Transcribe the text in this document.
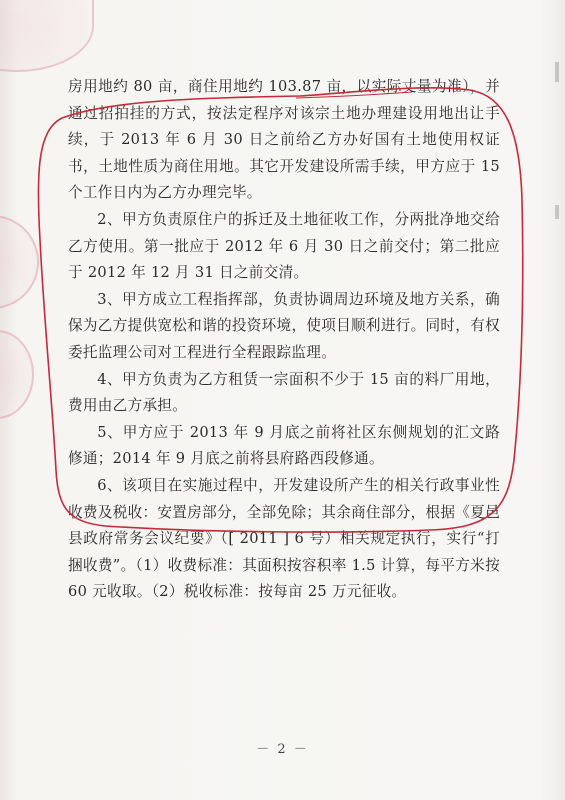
房用地约 80 亩，商住用地约 103.87 亩，以实际丈量为准），并通过招拍挂的方式，按法定程序对该宗土地办理建设用地出让手续，于 2013 年 6 月 30 日之前给乙方办好国有土地使用权证书，土地性质为商住用地。其它开发建设所需手续，甲方应于 15 个工作日内为乙方办理完毕。

2、甲方负责原住户的拆迁及土地征收工作，分两批净地交给乙方使用。第一批应于 2012 年 6 月 30 日之前交付；第二批应于 2012 年 12 月 31 日之前交清。

3、甲方成立工程指挥部，负责协调周边环境及地方关系，确保为乙方提供宽松和谐的投资环境，使项目顺利进行。同时，有权委托监理公司对工程进行全程跟踪监理。

4、甲方负责为乙方租赁一宗面积不少于 15 亩的料厂用地，费用由乙方承担。

5、甲方应于 2013 年 9 月底之前将社区东侧规划的汇文路修通；2014 年 9 月底之前将县府路西段修通。

6、该项目在实施过程中，开发建设所产生的相关行政事业性收费及税收：安置房部分，全部免除；其余商住部分，根据《夏邑县政府常务会议纪要》（[ 2011 ] 6 号）相关规定执行，实行“打捆收费”。（1）收费标准：其面积按容积率 1.5 计算，每平方米按 60 元收取。（2）税收标准：按每亩 25 万元征收。

－ 2 －
